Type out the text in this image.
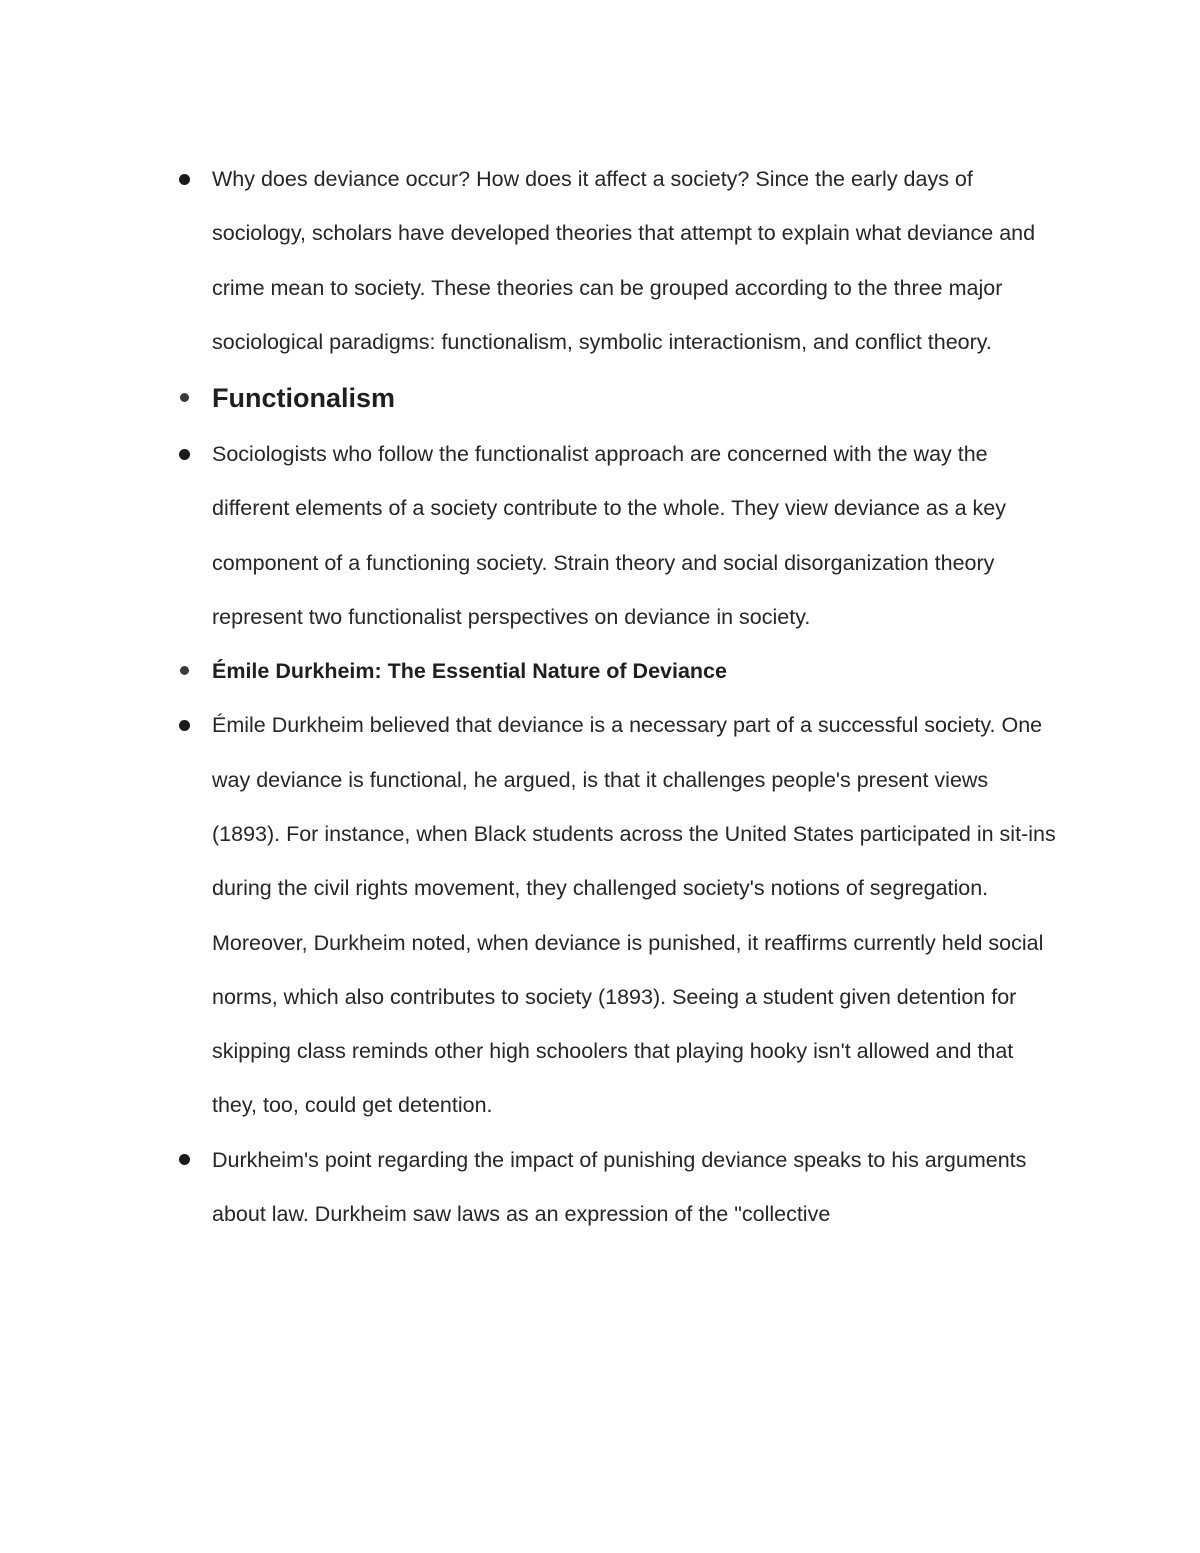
Why does deviance occur? How does it affect a society? Since the early days of sociology, scholars have developed theories that attempt to explain what deviance and crime mean to society. These theories can be grouped according to the three major sociological paradigms: functionalism, symbolic interactionism, and conflict theory.
Functionalism
Sociologists who follow the functionalist approach are concerned with the way the different elements of a society contribute to the whole. They view deviance as a key component of a functioning society. Strain theory and social disorganization theory represent two functionalist perspectives on deviance in society.
Émile Durkheim: The Essential Nature of Deviance
Émile Durkheim believed that deviance is a necessary part of a successful society. One way deviance is functional, he argued, is that it challenges people's present views (1893). For instance, when Black students across the United States participated in sit-ins during the civil rights movement, they challenged society's notions of segregation. Moreover, Durkheim noted, when deviance is punished, it reaffirms currently held social norms, which also contributes to society (1893). Seeing a student given detention for skipping class reminds other high schoolers that playing hooky isn't allowed and that they, too, could get detention.
Durkheim's point regarding the impact of punishing deviance speaks to his arguments about law. Durkheim saw laws as an expression of the "collective
